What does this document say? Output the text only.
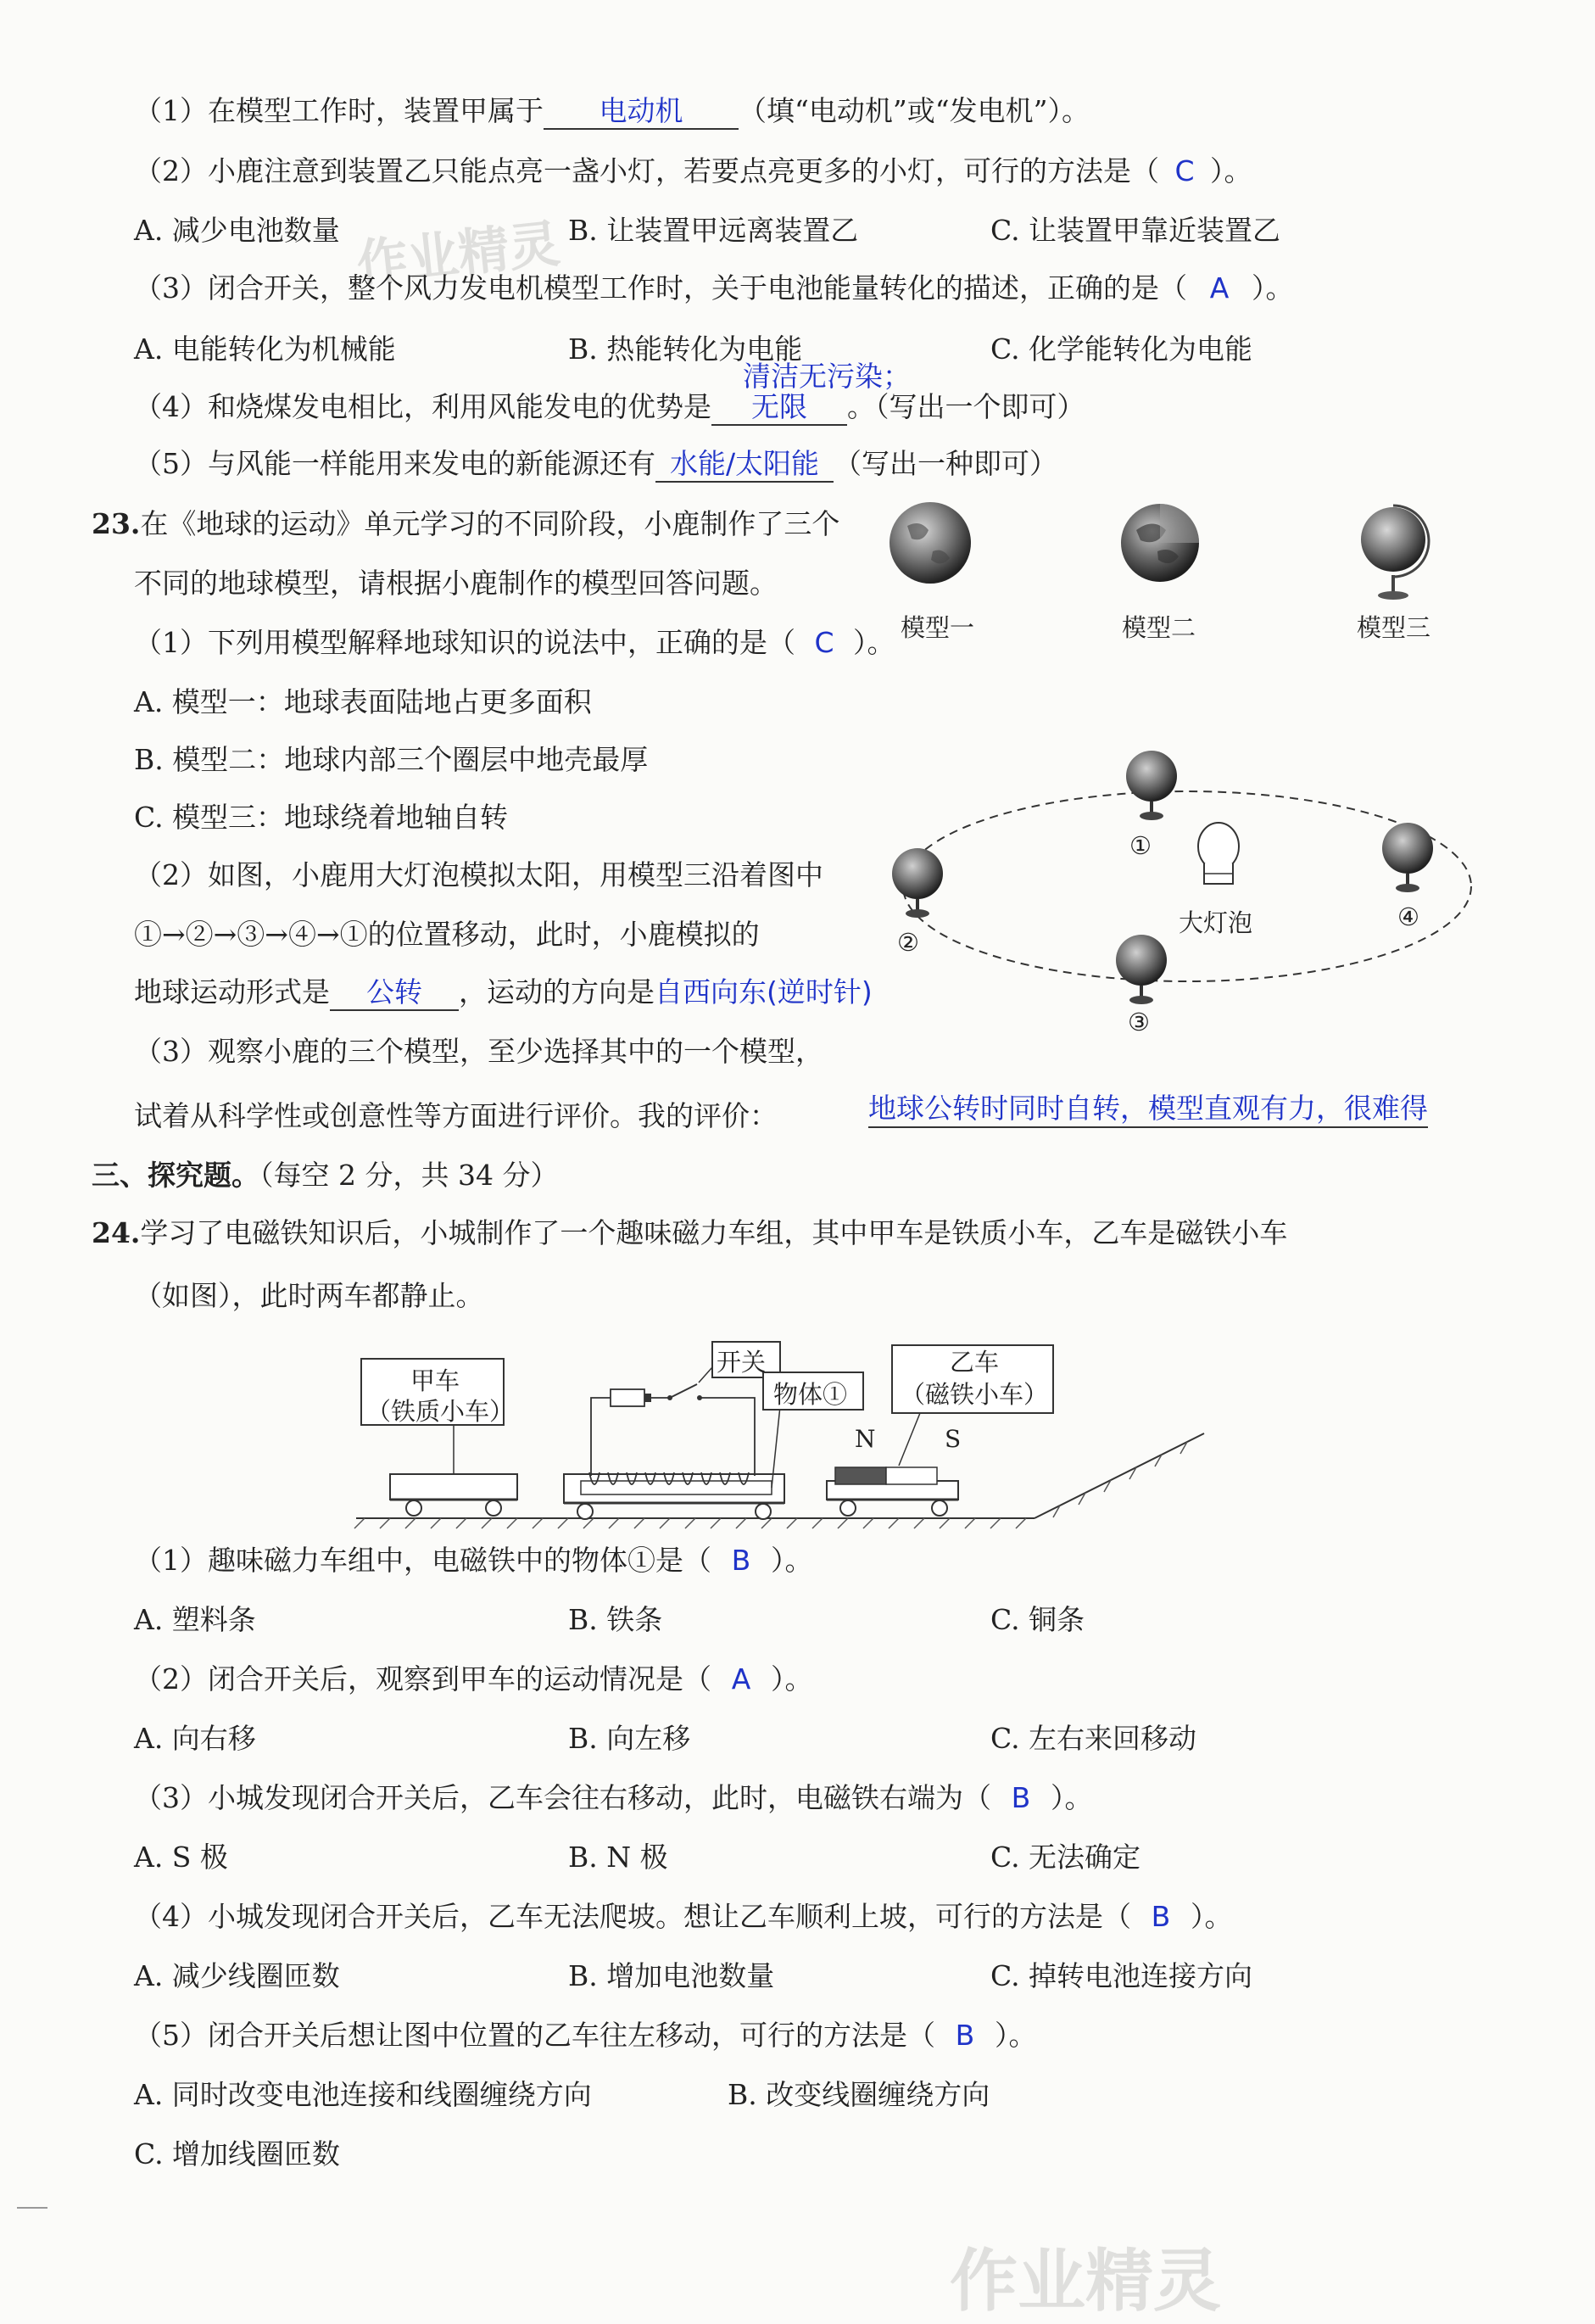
作业精灵
作业精灵
（1）在模型工作时，装置甲属于 电动机 （填“电动机”或“发电机”）。
（2）小鹿注意到装置乙只能点亮一盏小灯，若要点亮更多的小灯，可行的方法是（ C ）。
A. 减少电池数量	B. 让装置甲远离装置乙	C. 让装置甲靠近装置乙
（3）闭合开关，整个风力发电机模型工作时，关于电池能量转化的描述，正确的是（ A ）。
A. 电能转化为机械能	B. 热能转化为电能	C. 化学能转化为电能
清洁无污染；
（4）和烧煤发电相比，利用风能发电的优势是 无限 。（写出一个即可）
（5）与风能一样能用来发电的新能源还有 水能/太阳能 （写出一种即可）
23.在《地球的运动》单元学习的不同阶段，小鹿制作了三个
不同的地球模型，请根据小鹿制作的模型回答问题。
模型一	模型二	模型三
（1）下列用模型解释地球知识的说法中，正确的是（ C ）。
A. 模型一：地球表面陆地占更多面积
B. 模型二：地球内部三个圈层中地壳最厚
C. 模型三：地球绕着地轴自转
（2）如图，小鹿用大灯泡模拟太阳，用模型三沿着图中
①→②→③→④→①的位置移动，此时，小鹿模拟的
地球运动形式是 公转 ，运动的方向是自西向东(逆时针)
①
②
③
④
大灯泡
（3）观察小鹿的三个模型，至少选择其中的一个模型，
试着从科学性或创意性等方面进行评价。我的评价：	地球公转时同时自转，模型直观有力，很难得
三、探究题。（每空 2 分，共 34 分）
24.学习了电磁铁知识后，小城制作了一个趣味磁力车组，其中甲车是铁质小车，乙车是磁铁小车
（如图），此时两车都静止。
甲车
（铁质小车）
开关
物体①
乙车
（磁铁小车）
N	S
（1）趣味磁力车组中，电磁铁中的物体①是（ B ）。
A. 塑料条	B. 铁条	C. 铜条
（2）闭合开关后，观察到甲车的运动情况是（ A ）。
A. 向右移	B. 向左移	C. 左右来回移动
（3）小城发现闭合开关后，乙车会往右移动，此时，电磁铁右端为（ B ）。
A. S 极	B. N 极	C. 无法确定
（4）小城发现闭合开关后，乙车无法爬坡。想让乙车顺利上坡，可行的方法是（ B ）。
A. 减少线圈匝数	B. 增加电池数量	C. 掉转电池连接方向
（5）闭合开关后想让图中位置的乙车往左移动，可行的方法是（ B ）。
A. 同时改变电池连接和线圈缠绕方向	B. 改变线圈缠绕方向
C. 增加线圈匝数
